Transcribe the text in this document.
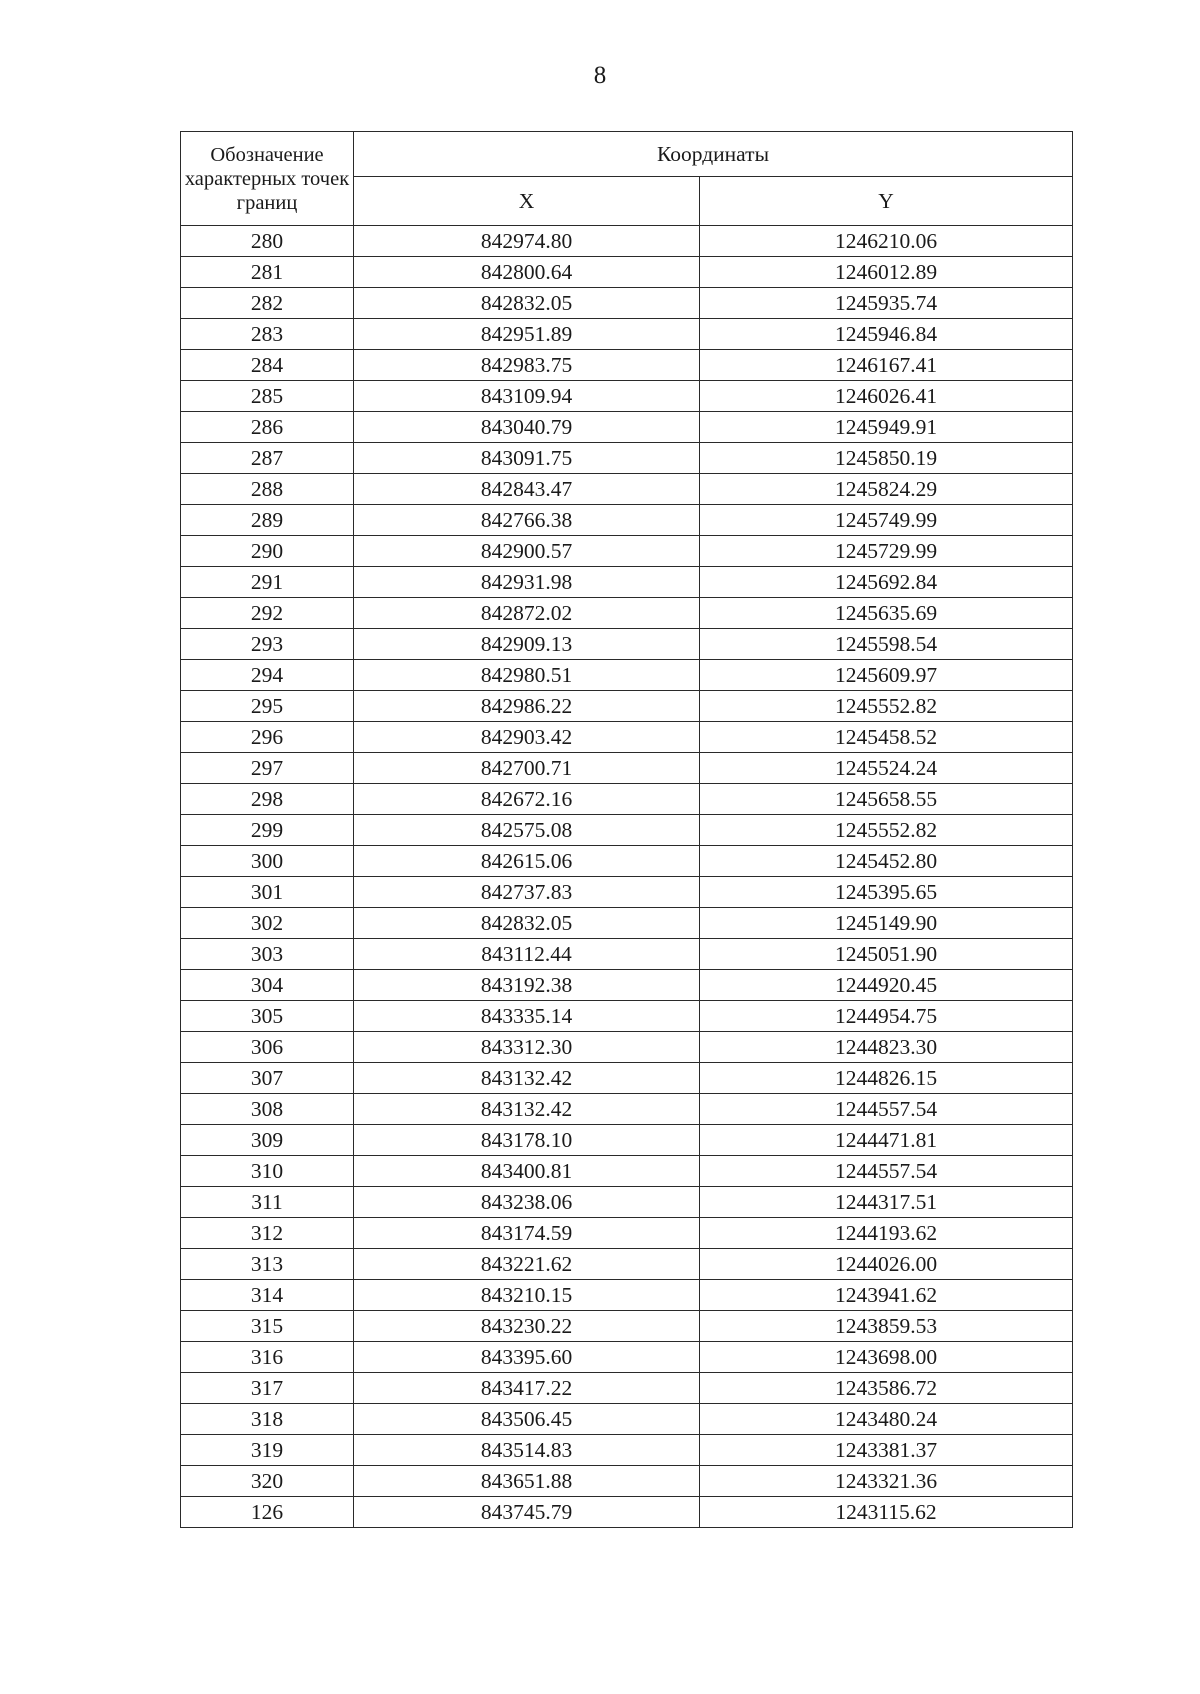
8
Обозначение характерных точек границ	Координаты	
	X	Y
280	842974.80	1246210.06
281	842800.64	1246012.89
282	842832.05	1245935.74
283	842951.89	1245946.84
284	842983.75	1246167.41
285	843109.94	1246026.41
286	843040.79	1245949.91
287	843091.75	1245850.19
288	842843.47	1245824.29
289	842766.38	1245749.99
290	842900.57	1245729.99
291	842931.98	1245692.84
292	842872.02	1245635.69
293	842909.13	1245598.54
294	842980.51	1245609.97
295	842986.22	1245552.82
296	842903.42	1245458.52
297	842700.71	1245524.24
298	842672.16	1245658.55
299	842575.08	1245552.82
300	842615.06	1245452.80
301	842737.83	1245395.65
302	842832.05	1245149.90
303	843112.44	1245051.90
304	843192.38	1244920.45
305	843335.14	1244954.75
306	843312.30	1244823.30
307	843132.42	1244826.15
308	843132.42	1244557.54
309	843178.10	1244471.81
310	843400.81	1244557.54
311	843238.06	1244317.51
312	843174.59	1244193.62
313	843221.62	1244026.00
314	843210.15	1243941.62
315	843230.22	1243859.53
316	843395.60	1243698.00
317	843417.22	1243586.72
318	843506.45	1243480.24
319	843514.83	1243381.37
320	843651.88	1243321.36
126	843745.79	1243115.62
